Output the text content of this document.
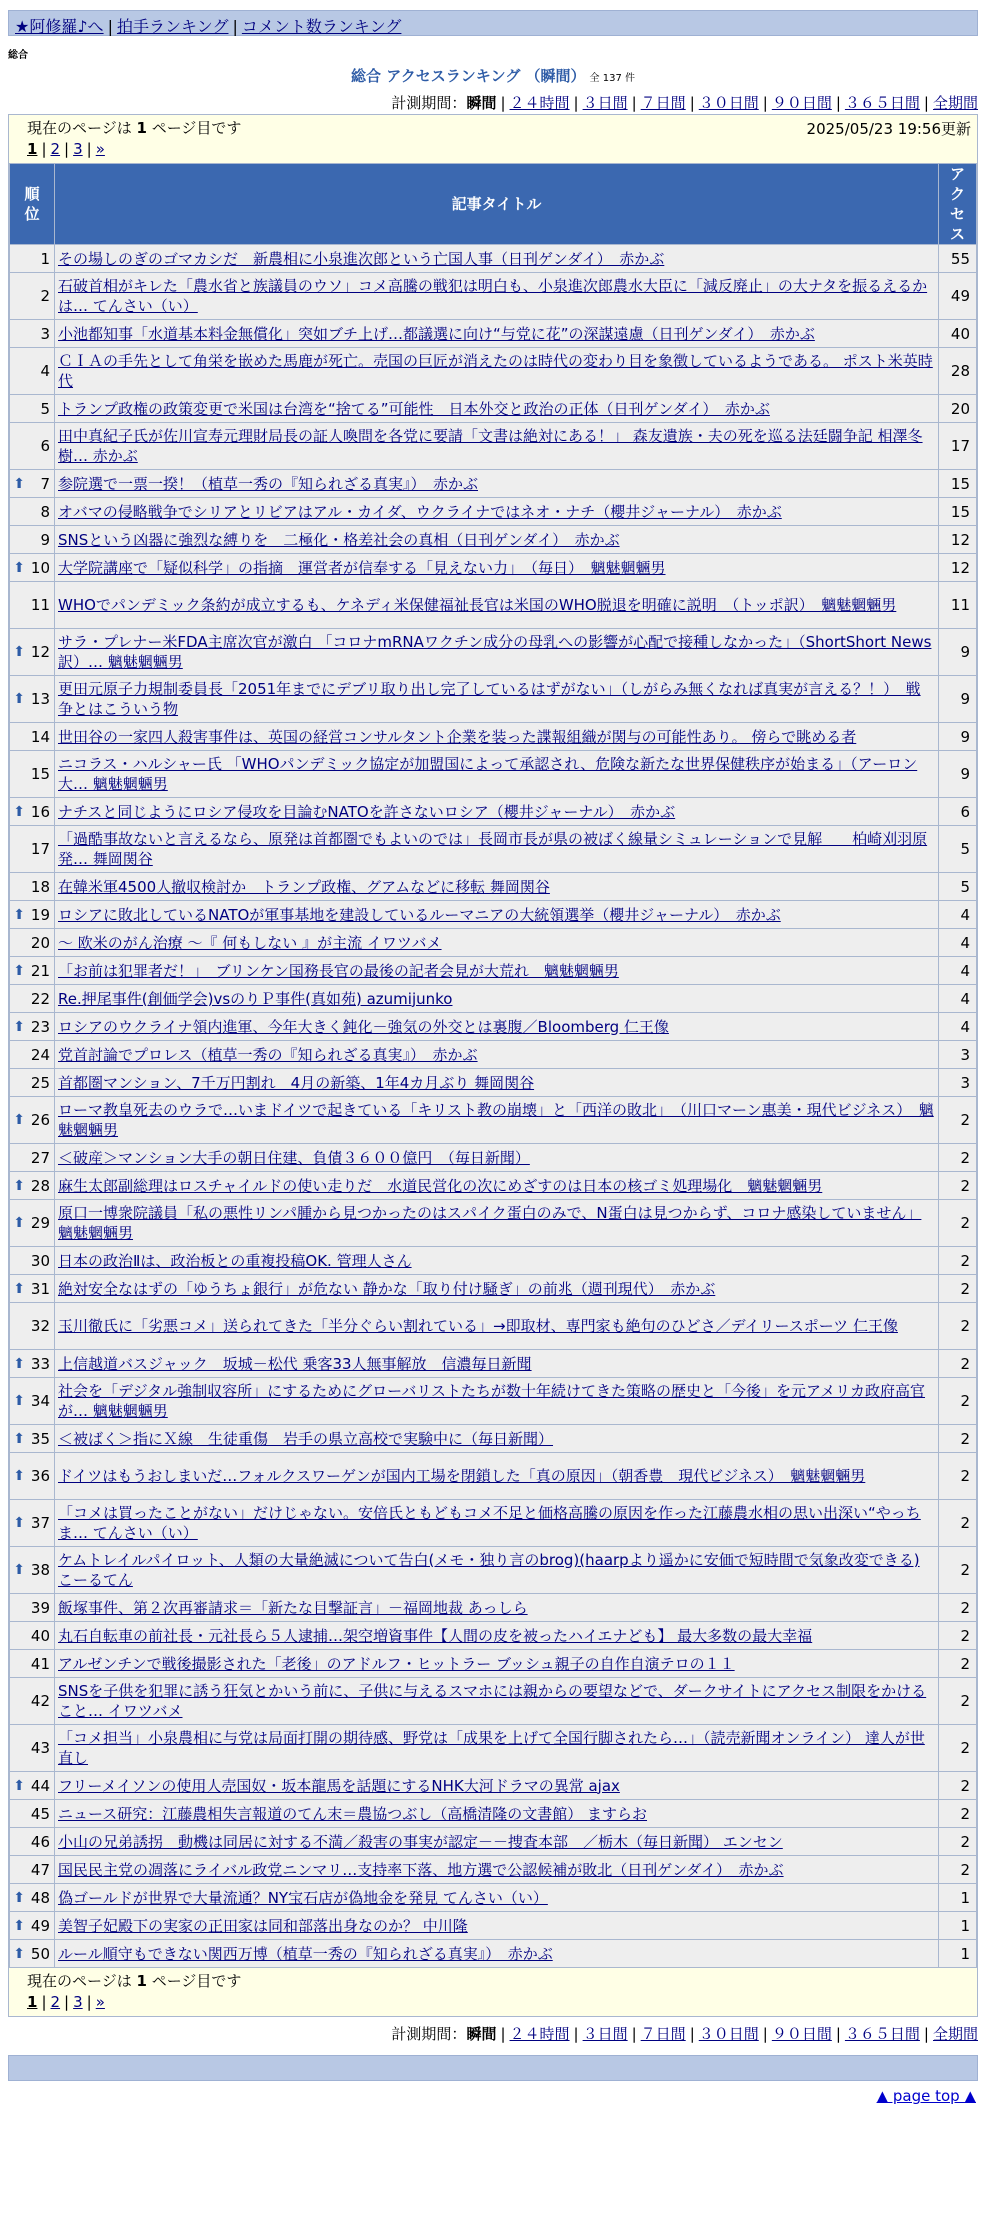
★阿修羅♪へ | 拍手ランキング | コメント数ランキング
総合
総合 アクセスランキング （瞬間） 全 137 件
計測期間：瞬間 | ２４時間 | ３日間 | ７日間 | ３０日間 | ９０日間 | ３６５日間 | 全期間
現在のページは 1 ページ目です	2025/05/23 19:56更新
1 | 2 | 3 | »
順位	記事タイトル	アクセス
1	その場しのぎのゴマカシだ　新農相に小泉進次郎という亡国人事（日刊ゲンダイ）　赤かぶ	55
2	石破首相がキレた「農水省と族議員のウソ」コメ高騰の戦犯は明白も、小泉進次郎農水大臣に「減反廃止」の大ナタを振るえるかは… てんさい（い）	49
3	小池都知事「水道基本料金無償化」突如ブチ上げ…都議選に向け“与党に花”の深謀遠慮（日刊ゲンダイ）　赤かぶ	40
4	ＣＩＡの手先として角栄を嵌めた馬鹿が死亡。売国の巨匠が消えたのは時代の変わり目を象徴しているようである。 ポスト米英時代	28
5	トランプ政権の政策変更で米国は台湾を“捨てる”可能性　日本外交と政治の正体（日刊ゲンダイ）　赤かぶ	20
6	田中真紀子氏が佐川宣寿元理財局長の証人喚問を各党に要請「文書は絶対にある！」 森友遺族・夫の死を巡る法廷闘争記 相澤冬樹… 赤かぶ	17

⬆ 7	参院選で一票一揆！（植草一秀の『知られざる真実』）　赤かぶ	15
8	オバマの侵略戦争でシリアとリビアはアル・カイダ、ウクライナではネオ・ナチ（櫻井ジャーナル）　赤かぶ	15
9	SNSという凶器に強烈な縛りを　二極化・格差社会の真相（日刊ゲンダイ）　赤かぶ	12

⬆ 10	大学院講座で「疑似科学」の指摘　運営者が信奉する「見えない力」　（毎日）　魑魅魍魎男	12
11	WHOでパンデミック条約が成立するも、ケネディ米保健福祉長官は米国のWHO脱退を明確に説明　（トッポ訳）　魑魅魍魎男	11

⬆ 12	サラ・プレナー米FDA主席次官が激白 「コロナmRNAワクチン成分の母乳への影響が心配で接種しなかった」（ShortShort News訳）… 魑魅魍魎男	9

⬆ 13	更田元原子力規制委員長「2051年までにデブリ取り出し完了しているはずがない」（しがらみ無くなれば真実が言える？！）　戦争とはこういう物	9
14	世田谷の一家四人殺害事件は、英国の経営コンサルタント企業を装った諜報組織が関与の可能性あり。 傍らで眺める者	9
15	ニコラス・ハルシャー氏 「WHOパンデミック協定が加盟国によって承認され、危険な新たな世界保健秩序が始まる」（アーロン大… 魑魅魍魎男	9

⬆ 16	ナチスと同じようにロシア侵攻を目論むNATOを許さないロシア（櫻井ジャーナル）　赤かぶ	6
17	「過酷事故ないと言えるなら、原発は首都圏でもよいのでは」長岡市長が県の被ばく線量シミュレーションで見解　　柏崎刈羽原発… 舞岡関谷	5
18	在韓米軍4500人撤収検討か　トランプ政権、グアムなどに移転 舞岡関谷	5

⬆ 19	ロシアに敗北しているNATOが軍事基地を建設しているルーマニアの大統領選挙（櫻井ジャーナル）　赤かぶ	4
20	～ 欧米のがん治療 ～『 何もしない 』が主流 イワツバメ	4

⬆ 21	「お前は犯罪者だ！」　ブリンケン国務長官の最後の記者会見が大荒れ　魑魅魍魎男	4
22	Re.押尾事件(創価学会)vsのりＰ事件(真如苑) azumijunko	4

⬆ 23	ロシアのウクライナ領内進軍、今年大きく鈍化－強気の外交とは裏腹／Bloomberg 仁王像	4
24	党首討論でプロレス（植草一秀の『知られざる真実』）　赤かぶ	3
25	首都圏マンション、7千万円割れ　4月の新築、1年4カ月ぶり 舞岡関谷	3

⬆ 26	ローマ教皇死去のウラで…いまドイツで起きている「キリスト教の崩壊」と「西洋の敗北」　（川口マーン惠美・現代ビジネス）　魑魅魍魎男	2
27	＜破産＞マンション大手の朝日住建、負債３６００億円　（毎日新聞）	2

⬆ 28	麻生太郎副総理はロスチャイルドの使い走りだ　水道民営化の次にめざすのは日本の核ゴミ処理場化　魑魅魍魎男	2

⬆ 29	原口一博衆院議員「私の悪性リンパ腫から見つかったのはスパイク蛋白のみで、N蛋白は見つからず、コロナ感染していません」 魑魅魍魎男	2
30	日本の政治Ⅱは、政治板との重複投稿OK. 管理人さん	2

⬆ 31	絶対安全なはずの「ゆうちょ銀行」が危ない 静かな「取り付け騒ぎ」の前兆（週刊現代）　赤かぶ	2
32	玉川徹氏に「劣悪コメ」送られてきた「半分ぐらい割れている」→即取材、専門家も絶句のひどさ／デイリースポーツ 仁王像	2

⬆ 33	上信越道バスジャック　坂城－松代 乗客33人無事解放　信濃毎日新聞	2

⬆ 34	社会を「デジタル強制収容所」にするためにグローバリストたちが数十年続けてきた策略の歴史と「今後」を元アメリカ政府高官が… 魑魅魍魎男	2

⬆ 35	＜被ばく＞指にＸ線　生徒重傷　岩手の県立高校で実験中に（毎日新聞）	2

⬆ 36	ドイツはもうおしまいだ…フォルクスワーゲンが国内工場を閉鎖した「真の原因」（朝香豊　現代ビジネス）　魑魅魍魎男	2

⬆ 37	「コメは買ったことがない」だけじゃない。安倍氏ともどもコメ不足と価格高騰の原因を作った江藤農水相の思い出深い“やっちま… てんさい（い）	2

⬆ 38	ケムトレイルパイロット、人類の大量絶滅について告白(メモ・独り言のbrog)(haarpより遥かに安価で短時間で気象改変できる) こーるてん	2
39	飯塚事件、第２次再審請求＝「新たな目撃証言」－福岡地裁 あっしら	2
40	丸石自転車の前社長・元社長ら５人逮捕…架空増資事件【人間の皮を被ったハイエナども】 最大多数の最大幸福	2
41	アルゼンチンで戦後撮影された「老後」のアドルフ・ヒットラー ブッシュ親子の自作自演テロの１１	2
42	SNSを子供を犯罪に誘う狂気とかいう前に、子供に与えるスマホには親からの要望などで、ダークサイトにアクセス制限をかけること… イワツバメ	2
43	「コメ担当」小泉農相に与党は局面打開の期待感、野党は「成果を上げて全国行脚されたら…」（読売新聞オンライン） 達人が世直し	2

⬆ 44	フリーメイソンの使用人売国奴・坂本龍馬を話題にするNHK大河ドラマの異常 ajax	2
45	ニュース研究：江藤農相失言報道のてん末＝農協つぶし（高橋清隆の文書館） ますらお	2
46	小山の兄弟誘拐　動機は同居に対する不満／殺害の事実が認定－－捜査本部　／栃木（毎日新聞） エンセン	2
47	国民民主党の凋落にライバル政党ニンマリ…支持率下落、地方選で公認候補が敗北（日刊ゲンダイ）　赤かぶ	2

⬆ 48	偽ゴールドが世界で大量流通？NY宝石店が偽地金を発見 てんさい（い）	1

⬆ 49	美智子妃殿下の実家の正田家は同和部落出身なのか？ 中川隆	1

⬆ 50	ルール順守もできない関西万博（植草一秀の『知られざる真実』）　赤かぶ	1
現在のページは 1 ページ目です
1 | 2 | 3 | »
計測期間：瞬間 | ２４時間 | ３日間 | ７日間 | ３０日間 | ９０日間 | ３６５日間 | 全期間
▲ page top ▲
